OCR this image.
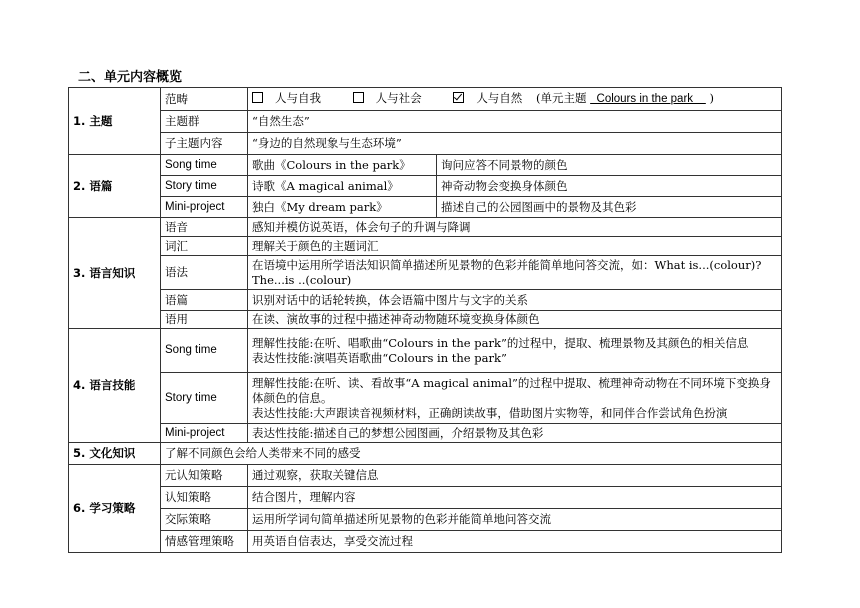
二、单元内容概览
1. 主题	范畴	人与自我 人与社会 人与自然 (单元主题   Colours in the park     )	
	主题群	“自然生态”	
	子主题内容	“身边的自然现象与生态环境”	
2. 语篇	Song time	歌曲《Colours in the park》	询问应答不同景物的颜色
	Story time	诗歌《A magical animal》	神奇动物会变换身体颜色
	Mini-project	独白《My dream park》	描述自己的公园图画中的景物及其色彩
3. 语言知识	语音	感知并模仿说英语，体会句子的升调与降调	
	词汇	理解关于颜色的主题词汇	
	语法	在语境中运用所学语法知识简单描述所见景物的色彩并能简单地问答交流，如：What is...(colour)? The...is ..(colour)	
	语篇	识别对话中的话轮转换，体会语篇中图片与文字的关系	
	语用	在读、演故事的过程中描述神奇动物随环境变换身体颜色	
4. 语言技能	Song time	理解性技能:在听、唱歌曲“Colours in the park”的过程中，提取、梳理景物及其颜色的相关信息
表达性技能:演唱英语歌曲“Colours in the park”	

	Story time	理解性技能:在听、读、看故事“A magical animal”的过程中提取、梳理神奇动物在不同环境下变换身体颜色的信息。
表达性技能:大声跟读音视频材料，正确朗读故事，借助图片实物等，和同伴合作尝试角色扮演	

	Mini-project	表达性技能:描述自己的梦想公园图画，介绍景物及其色彩	
5. 文化知识	了解不同颜色会给人类带来不同的感受		
6. 学习策略	元认知策略	通过观察，获取关键信息	
	认知策略	结合图片，理解内容	
	交际策略	运用所学词句简单描述所见景物的色彩并能简单地问答交流	
	情感管理策略	用英语自信表达，享受交流过程	
